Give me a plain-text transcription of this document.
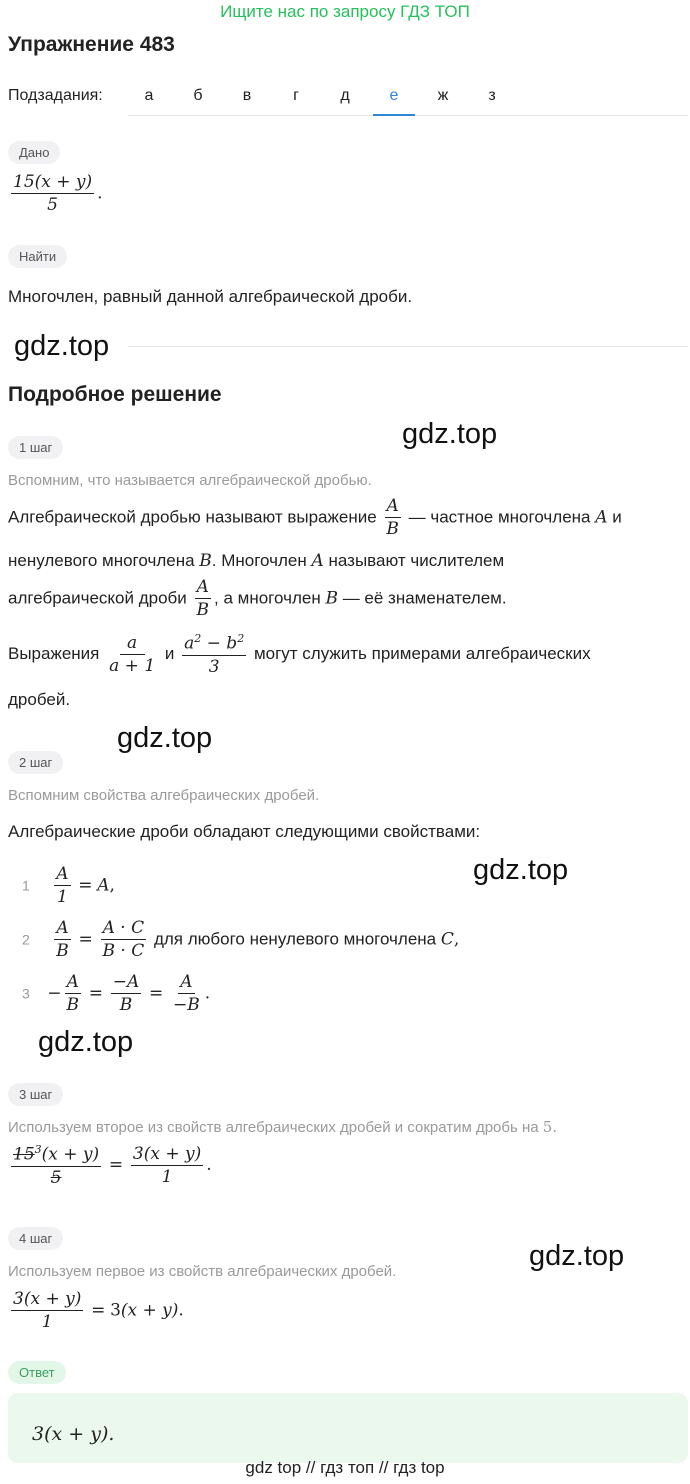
Ищите нас по запросу ГДЗ ТОП
Упражнение 483
Подзадания:	а	б	в	г	д	е	ж	з
Дано
$\frac{15(x + y)}{5}$ .
Найти
Многочлен, равный данной алгебраической дроби.
gdz.top
Подробное решение
gdz.top
1 шаг
Вспомним, что называется алгебраической дробью.
Алгебраической дробью называют выражение $\frac{A}{B}$ — частное многочлена A и
ненулевого многочлена B. Многочлен A называют числителем
алгебраической дроби $\frac{A}{B}$ , а многочлен B — её знаменателем.
Выражения $\frac{a}{a + 1}$ и $\frac{a^2 - b^2}{3}$ могут служить примерами алгебраических
дробей.
gdz.top
2 шаг
Вспомним свойства алгебраических дробей.
Алгебраические дроби обладают следующими свойствами:
gdz.top
$1 \frac{A}{1} = A$,
$2 \frac{A}{B} = \frac{A \cdot C}{B \cdot C}$ для любого ненулевого многочлена C,
$3 - \frac{A}{B} = \frac{-A}{B} = \frac{A}{-B}$ .
gdz.top
3 шаг
Используем второе из свойств алгебраических дробей и сократим дробь на 5.
$\frac{15^3(x + y)}{5} = \frac{3(x + y)}{1}$ .
4 шаг
gdz.top
Используем первое из свойств алгебраических дробей.
$\frac{3(x + y)}{1} = 3(x + y)$.
Ответ
3(x + y).
gdz top // гдз топ // гдз top
